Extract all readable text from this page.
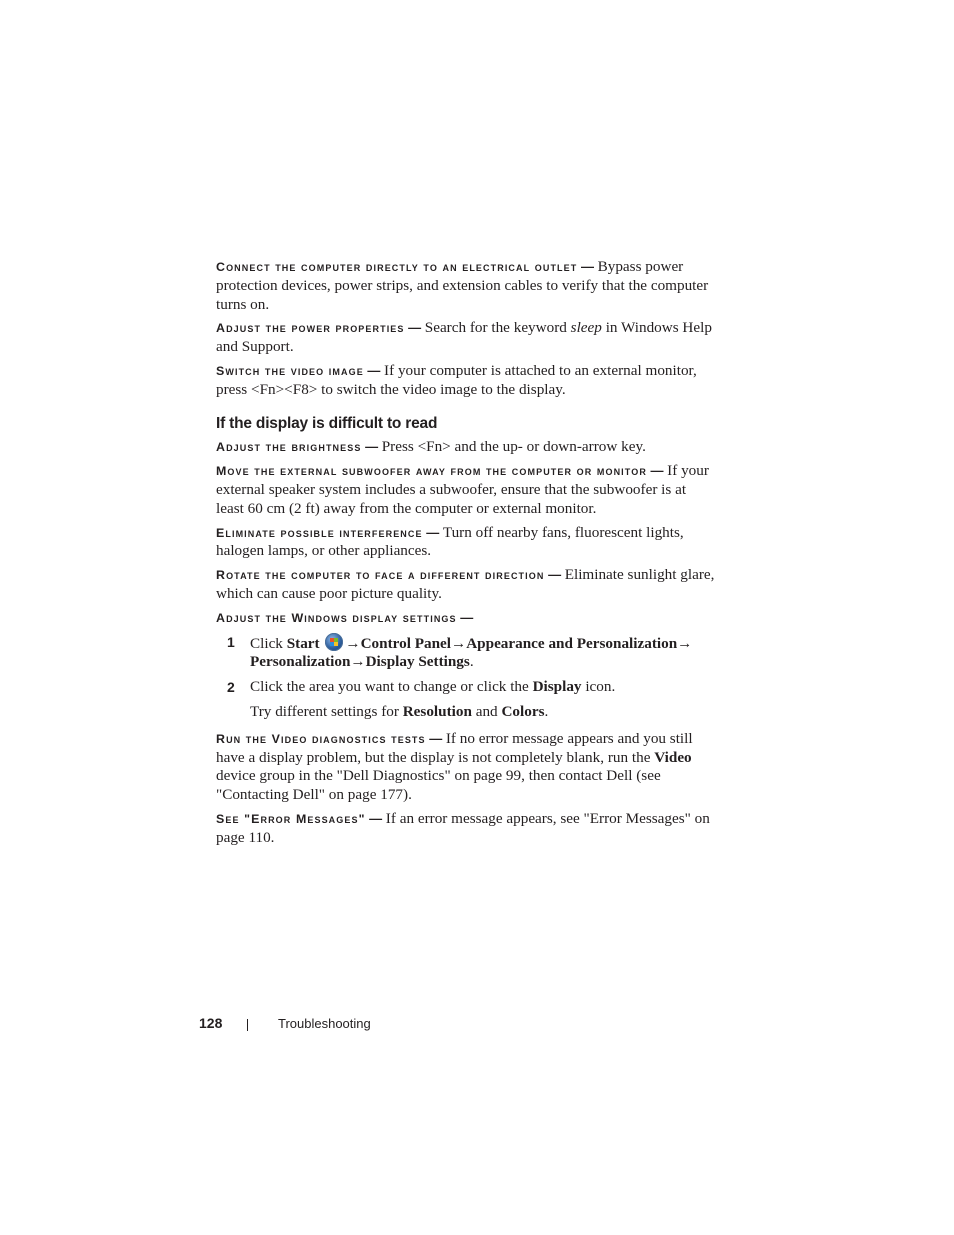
Connect the computer directly to an electrical outlet — Bypass power protection devices, power strips, and extension cables to verify that the computer turns on.

Adjust the power properties — Search for the keyword sleep in Windows Help and Support.

Switch the video image — If your computer is attached to an external monitor, press <Fn><F8> to switch the video image to the display.

If the display is difficult to read

Adjust the brightness — Press <Fn> and the up- or down-arrow key.

Move the external subwoofer away from the computer or monitor — If your external speaker system includes a subwoofer, ensure that the subwoofer is at least 60 cm (2 ft) away from the computer or external monitor.

Eliminate possible interference — Turn off nearby fans, fluorescent lights, halogen lamps, or other appliances.

Rotate the computer to face a different direction — Eliminate sunlight glare, which can cause poor picture quality.

Adjust the Windows display settings —

1 Click Start →Control Panel→Appearance and Personalization→ Personalization→Display Settings.
2 Click the area you want to change or click the Display icon.

Try different settings for Resolution and Colors.

Run the Video diagnostics tests — If no error message appears and you still have a display problem, but the display is not completely blank, run the Video device group in the "Dell Diagnostics" on page 99, then contact Dell (see "Contacting Dell" on page 177).

See "Error Messages" — If an error message appears, see "Error Messages" on page 110.

128	Troubleshooting
